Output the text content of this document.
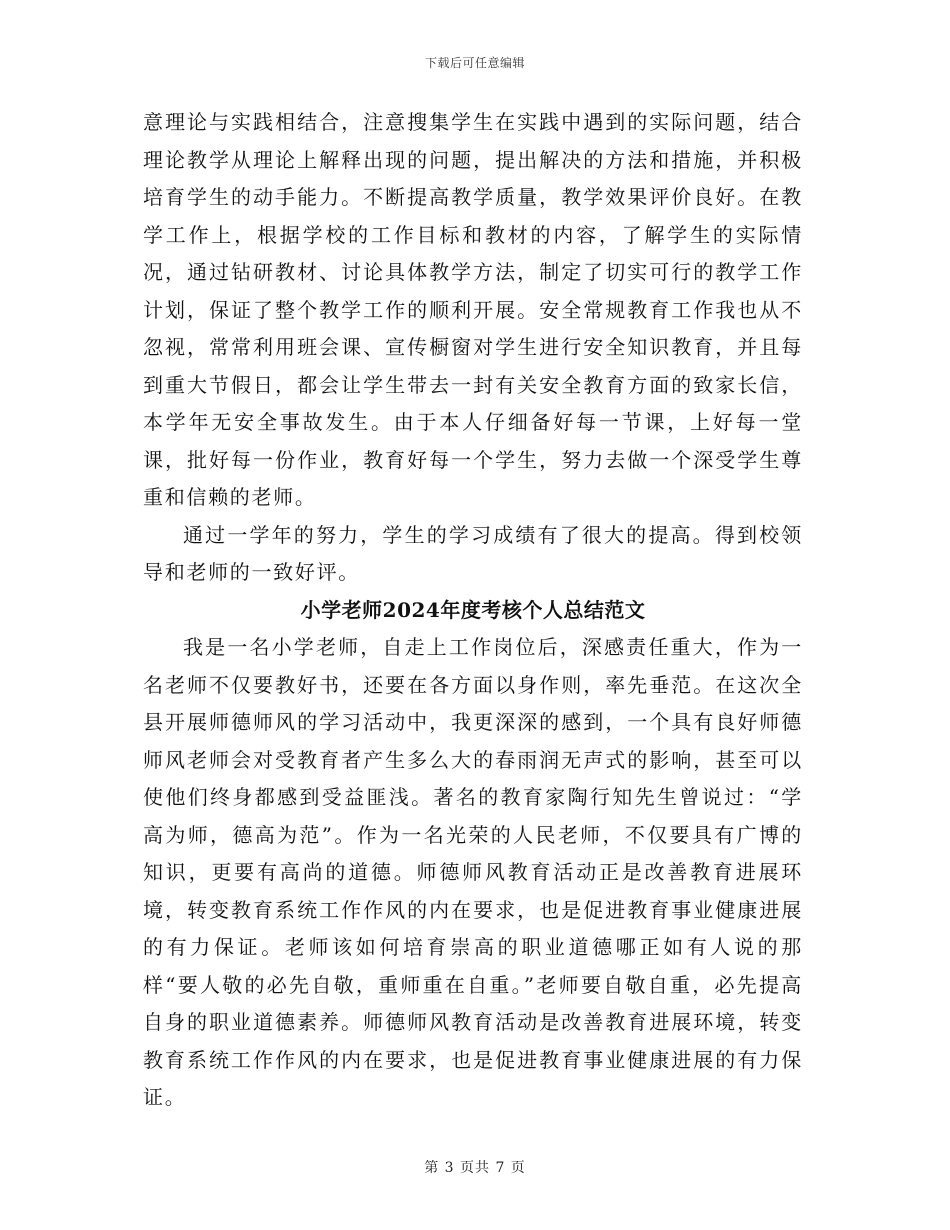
下载后可任意编辑

意理论与实践相结合，注意搜集学生在实践中遇到的实际问题，结合理论教学从理论上解释出现的问题，提出解决的方法和措施，并积极培育学生的动手能力。不断提高教学质量，教学效果评价良好。在教学工作上，根据学校的工作目标和教材的内容，了解学生的实际情况，通过钻研教材、讨论具体教学方法，制定了切实可行的教学工作计划，保证了整个教学工作的顺利开展。安全常规教育工作我也从不忽视，常常利用班会课、宣传橱窗对学生进行安全知识教育，并且每到重大节假日，都会让学生带去一封有关安全教育方面的致家长信，本学年无安全事故发生。由于本人仔细备好每一节课，上好每一堂课，批好每一份作业，教育好每一个学生，努力去做一个深受学生尊重和信赖的老师。

通过一学年的努力，学生的学习成绩有了很大的提高。得到校领导和老师的一致好评。

小学老师2024年度考核个人总结范文

我是一名小学老师，自走上工作岗位后，深感责任重大，作为一名老师不仅要教好书，还要在各方面以身作则，率先垂范。在这次全县开展师德师风的学习活动中，我更深深的感到，一个具有良好师德师风老师会对受教育者产生多么大的春雨润无声式的影响，甚至可以使他们终身都感到受益匪浅。著名的教育家陶行知先生曾说过：“学高为师，德高为范”。作为一名光荣的人民老师，不仅要具有广博的知识，更要有高尚的道德。师德师风教育活动正是改善教育进展环境，转变教育系统工作作风的内在要求，也是促进教育事业健康进展的有力保证。老师该如何培育崇高的职业道德哪正如有人说的那样“要人敬的必先自敬，重师重在自重。”老师要自敬自重，必先提高自身的职业道德素养。师德师风教育活动是改善教育进展环境，转变教育系统工作作风的内在要求，也是促进教育事业健康进展的有力保证。

第 3 页共 7 页
